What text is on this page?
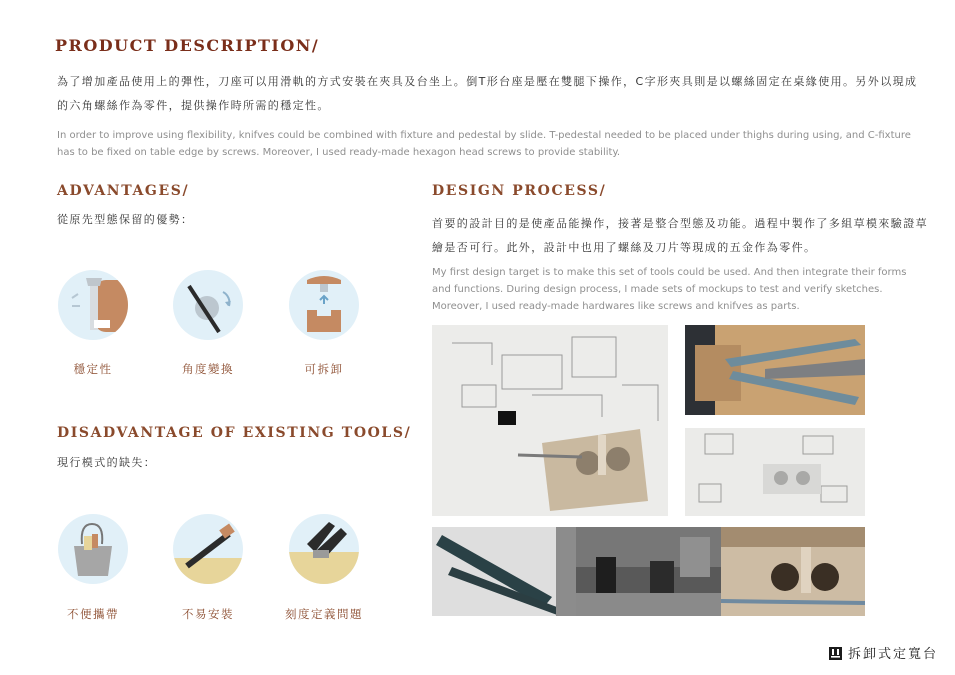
PRODUCT DESCRIPTION/
為了增加產品使用上的彈性，刀座可以用滑軌的方式安裝在夾具及台坐上。倒T形台座是壓在雙腿下操作，C字形夾具則是以螺絲固定在桌緣使用。另外以現成
的六角螺絲作為零件，提供操作時所需的穩定性。
In order to improve using flexibility, knifves could be combined with fixture and pedestal by slide. T-pedestal needed to be placed under thighs during using, and C-fixture
has to be fixed on table edge by screws. Moreover, I used ready-made hexagon head screws to provide stability.
ADVANTAGES/
從原先型態保留的優勢：
穩定性	角度變換	可拆卸
DISADVANTAGE OF EXISTING TOOLS/
現行模式的缺失：
不便攜帶	不易安裝	刻度定義問題
DESIGN PROCESS/
首要的設計目的是使產品能操作，接著是整合型態及功能。過程中製作了多組草模來驗證草
繪是否可行。此外，設計中也用了螺絲及刀片等現成的五金作為零件。
My first design target is to make this set of tools could be used. And then integrate their forms
and functions. During design process, I made sets of mockups to test and verify sketches.
Moreover, I used ready-made hardwares like screws and knifves as parts.
拆卸式定寬台
